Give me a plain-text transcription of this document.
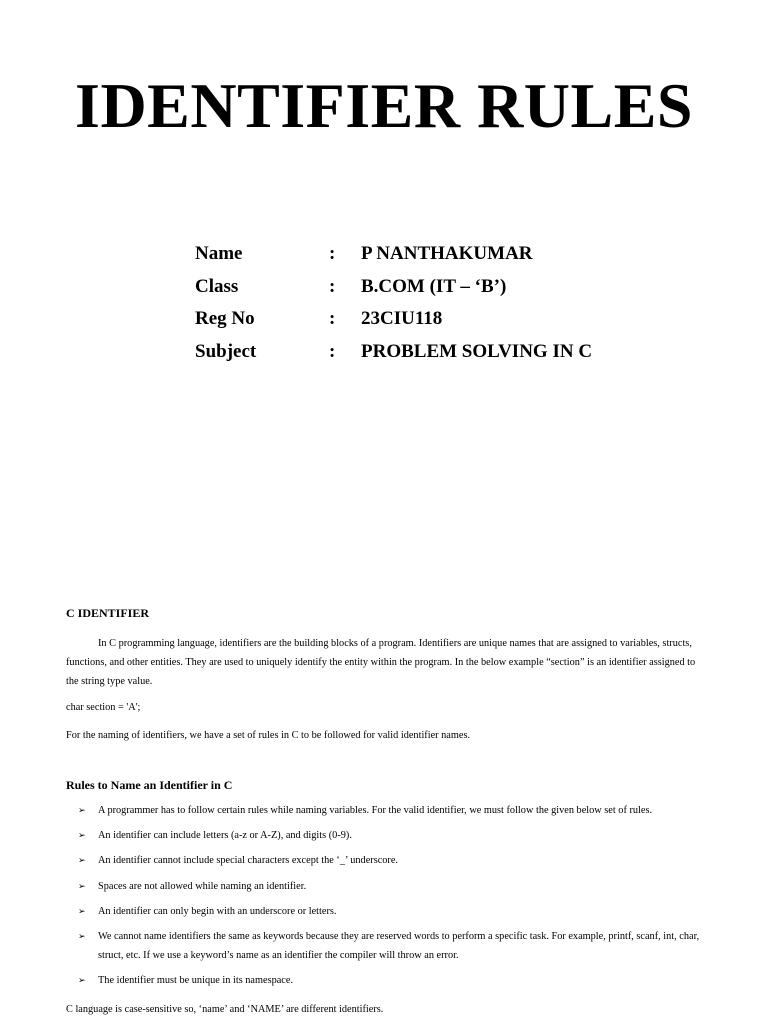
IDENTIFIER RULES
Name	: P NANTHAKUMAR
Class	: B.COM (IT – ‘B’)
Reg No	: 23CIU118
Subject	: PROBLEM SOLVING IN C
C IDENTIFIER

In C programming language, identifiers are the building blocks of a program. Identifiers are unique names that are assigned to variables, structs, functions, and other entities. They are used to uniquely identify the entity within the program. In the below example “section” is an identifier assigned to the string type value.

char section = 'A';

For the naming of identifiers, we have a set of rules in C to be followed for valid identifier names.

Rules to Name an Identifier in C
➢ A programmer has to follow certain rules while naming variables. For the valid identifier, we must follow the given below set of rules.
➢ An identifier can include letters (a-z or A-Z), and digits (0-9).
➢ An identifier cannot include special characters except the ‘_’ underscore.
➢ Spaces are not allowed while naming an identifier.
➢ An identifier can only begin with an underscore or letters.
➢ We cannot name identifiers the same as keywords because they are reserved words to perform a specific task. For example, printf, scanf, int, char, struct, etc. If we use a keyword’s name as an identifier the compiler will throw an error.
➢ The identifier must be unique in its namespace.

C language is case-sensitive so, ‘name’ and ‘NAME’ are different identifiers.
